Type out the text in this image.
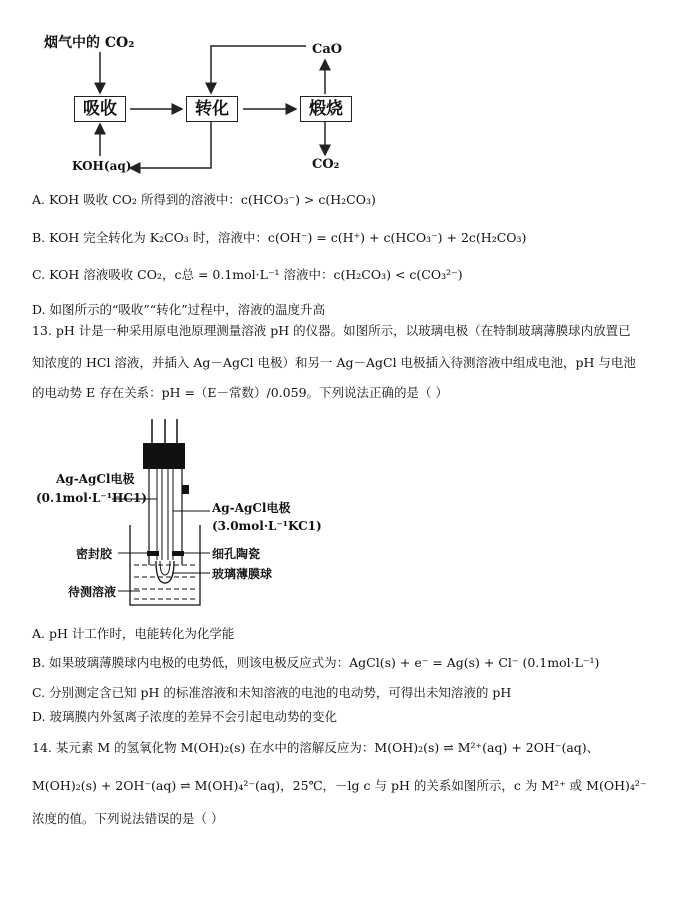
烟气中的 CO₂
吸收	转化	煅烧
CaO
KOH(aq)	CO₂
A. KOH 吸收 CO₂ 所得到的溶液中：c(HCO₃⁻) > c(H₂CO₃)
B. KOH 完全转化为 K₂CO₃ 时，溶液中：c(OH⁻) = c(H⁺) + c(HCO₃⁻) + 2c(H₂CO₃)
C. KOH 溶液吸收 CO₂，c总 = 0.1mol·L⁻¹ 溶液中：c(H₂CO₃) < c(CO₃²⁻)
D. 如图所示的“吸收”“转化”过程中，溶液的温度升高
13. pH 计是一种采用原电池原理测量溶液 pH 的仪器。如图所示，以玻璃电极（在特制玻璃薄膜球内放置已
知浓度的 HCl 溶液，并插入 Ag－AgCl 电极）和另一 Ag－AgCl 电极插入待测溶液中组成电池，pH 与电池
的电动势 E 存在关系：pH =（E－常数）/0.059。下列说法正确的是（ ）
Ag-AgCl电极
(0.1mol·L⁻¹HC1)
Ag-AgCl电极
(3.0mol·L⁻¹KC1)
密封胶	细孔陶瓷
玻璃薄膜球
待测溶液
A. pH 计工作时，电能转化为化学能
B. 如果玻璃薄膜球内电极的电势低，则该电极反应式为：AgCl(s) + e⁻ = Ag(s) + Cl⁻ (0.1mol·L⁻¹)
C. 分别测定含已知 pH 的标准溶液和未知溶液的电池的电动势，可得出未知溶液的 pH
D. 玻璃膜内外氢离子浓度的差异不会引起电动势的变化
14. 某元素 M 的氢氧化物 M(OH)₂(s) 在水中的溶解反应为：M(OH)₂(s) ⇌ M²⁺(aq) + 2OH⁻(aq)、
M(OH)₂(s) + 2OH⁻(aq) ⇌ M(OH)₄²⁻(aq)，25℃，－lg c 与 pH 的关系如图所示，c 为 M²⁺ 或 M(OH)₄²⁻
浓度的值。下列说法错误的是（ ）
